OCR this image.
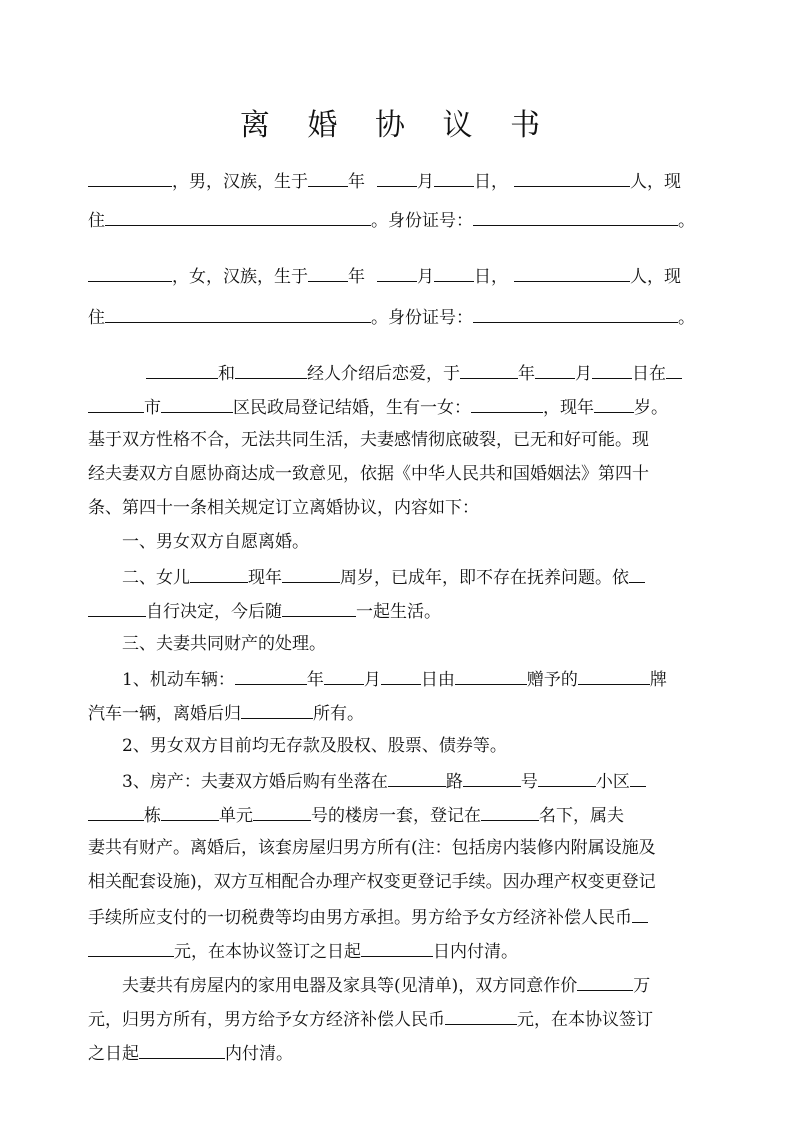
离 婚 协 议 书
，男，汉族，生于 年	月 日，	人，现
住	。身份证号：	。
，女，汉族，生于 年	月 日，	人，现
住	。身份证号：	。
和	经人介绍后恋爱，于	年 月 日在
市	区民政局登记结婚，生有一女：	，现年 岁。
基于双方性格不合，无法共同生活，夫妻感情彻底破裂，已无和好可能。现
经夫妻双方自愿协商达成一致意见，依据《中华人民共和国婚姻法》第四十
条、第四十一条相关规定订立离婚协议，内容如下：
一、男女双方自愿离婚。
二、女儿	现年	周岁，已成年，即不存在抚养问题。依
自行决定，今后随	一起生活。
三、夫妻共同财产的处理。
1、机动车辆：	年 月 日由	赠予的	牌
汽车一辆，离婚后归	所有。
2、男女双方目前均无存款及股权、股票、债券等。
3、房产：夫妻双方婚后购有坐落在	路	号	小区
栋	单元	号的楼房一套，登记在	名下，属夫
妻共有财产。离婚后，该套房屋归男方所有(注：包括房内装修内附属设施及
相关配套设施)，双方互相配合办理产权变更登记手续。因办理产权变更登记
手续所应支付的一切税费等均由男方承担。男方给予女方经济补偿人民币
元，在本协议签订之日起	日内付清。
夫妻共有房屋内的家用电器及家具等(见清单)，双方同意作价	万
元，归男方所有，男方给予女方经济补偿人民币	元，在本协议签订
之日起	内付清。
